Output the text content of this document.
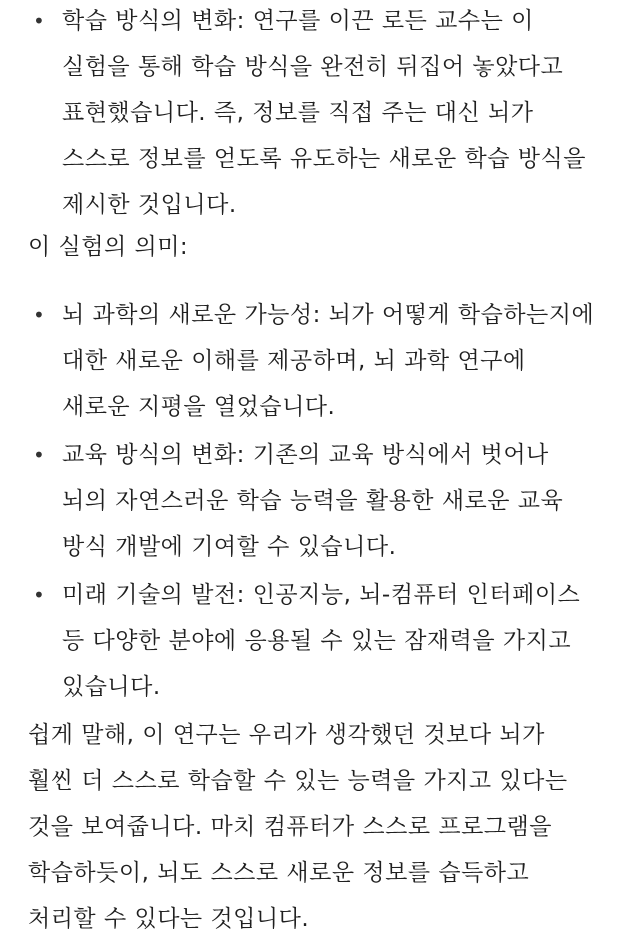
• 학습 방식의 변화: 연구를 이끈 로든 교수는 이
실험을 통해 학습 방식을 완전히 뒤집어 놓았다고
표현했습니다. 즉, 정보를 직접 주는 대신 뇌가
스스로 정보를 얻도록 유도하는 새로운 학습 방식을
제시한 것입니다.
이 실험의 의미:
• 뇌 과학의 새로운 가능성: 뇌가 어떻게 학습하는지에
대한 새로운 이해를 제공하며, 뇌 과학 연구에
새로운 지평을 열었습니다.
• 교육 방식의 변화: 기존의 교육 방식에서 벗어나
뇌의 자연스러운 학습 능력을 활용한 새로운 교육
방식 개발에 기여할 수 있습니다.
• 미래 기술의 발전: 인공지능, 뇌-컴퓨터 인터페이스
등 다양한 분야에 응용될 수 있는 잠재력을 가지고
있습니다.
쉽게 말해, 이 연구는 우리가 생각했던 것보다 뇌가
훨씬 더 스스로 학습할 수 있는 능력을 가지고 있다는
것을 보여줍니다. 마치 컴퓨터가 스스로 프로그램을
학습하듯이, 뇌도 스스로 새로운 정보를 습득하고
처리할 수 있다는 것입니다.
